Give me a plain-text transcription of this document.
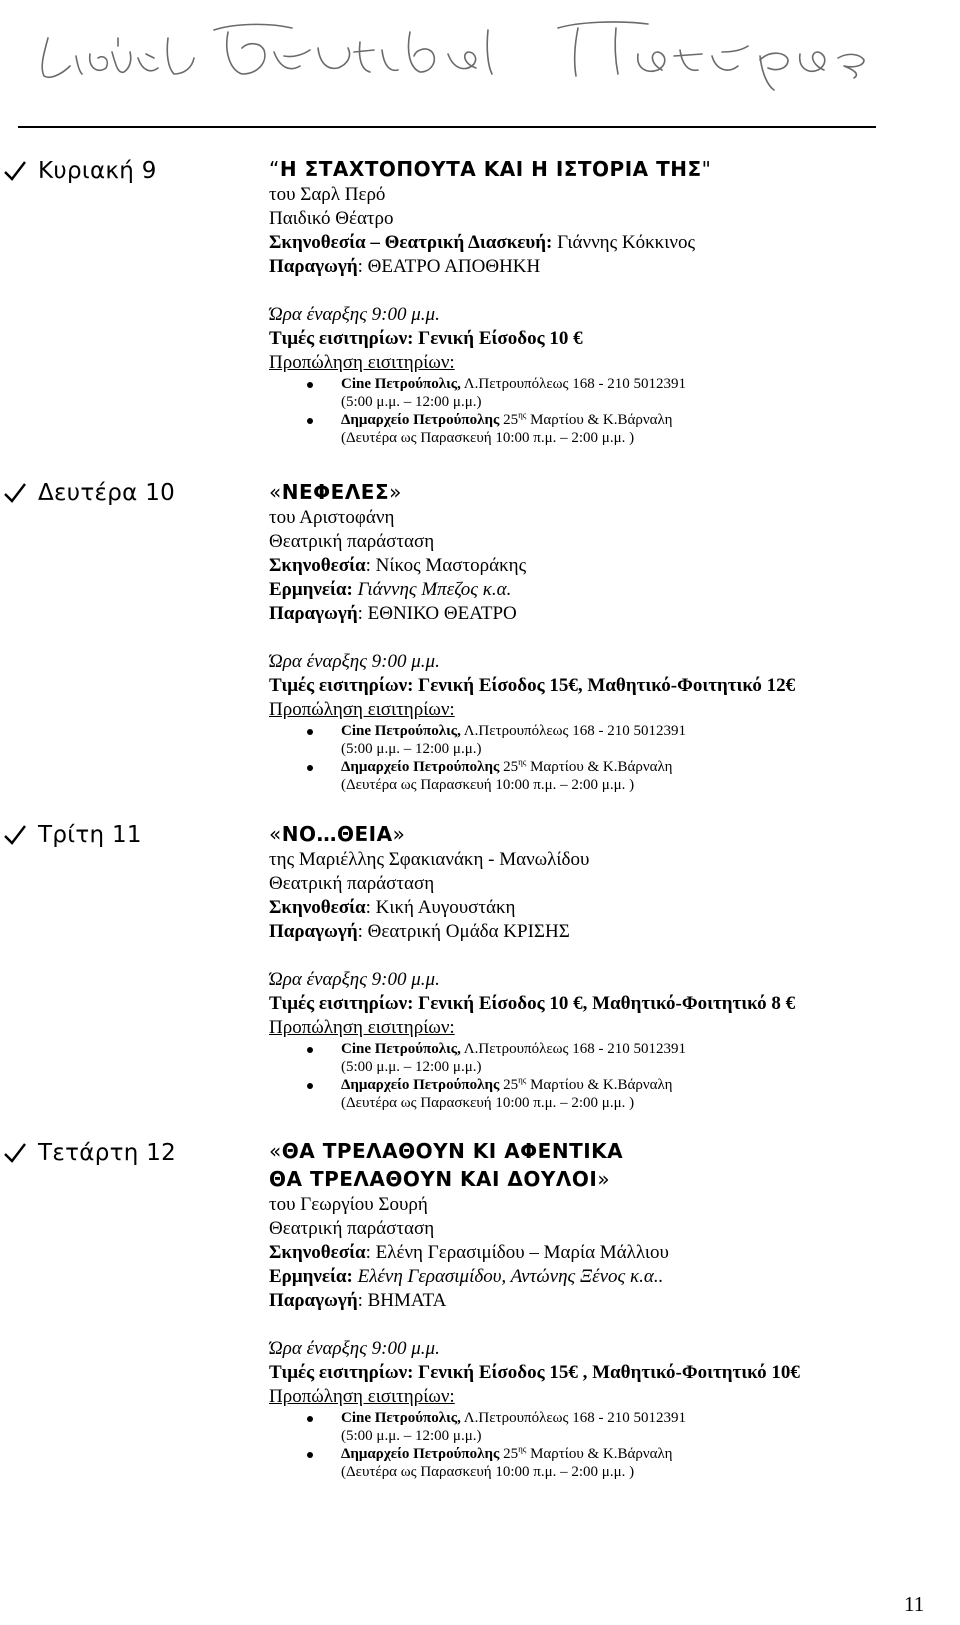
Κυριακή 9	“Η ΣΤΑΧΤΟΠΟΥΤΑ ΚΑΙ Η ΙΣΤΟΡΙΑ ΤΗΣ"
του Σαρλ Περό
Παιδικό Θέατρο
Σκηνοθεσία – Θεατρική Διασκευή: Γιάννης Κόκκινος
Παραγωγή: ΘΕΑΤΡΟ ΑΠΟΘΗΚΗ
Ώρα έναρξης 9:00 μ.μ.
Τιμές εισιτηρίων: Γενική Είσοδος 10 €
Προπώληση εισιτηρίων:
Cine Πετρούπολις, Λ.Πετρουπόλεως 168 - 210 5012391
(5:00 μ.μ. – 12:00 μ.μ.)
Δημαρχείο Πετρούπολης $25^{\eta\varsigma}$ Μαρτίου & Κ.Βάρναλη
(Δευτέρα ως Παρασκευή 10:00 π.μ. – 2:00 μ.μ. )
Δευτέρα 10	«ΝΕΦΕΛΕΣ»
του Αριστοφάνη
Θεατρική παράσταση
Σκηνοθεσία: Νίκος Μαστοράκης
Ερμηνεία: Γιάννης Μπεζος κ.α.
Παραγωγή: ΕΘΝΙΚΟ ΘΕΑΤΡΟ
Ώρα έναρξης 9:00 μ.μ.
Τιμές εισιτηρίων: Γενική Είσοδος 15€, Μαθητικό-Φοιτητικό 12€
Προπώληση εισιτηρίων:
Cine Πετρούπολις, Λ.Πετρουπόλεως 168 - 210 5012391
(5:00 μ.μ. – 12:00 μ.μ.)
Δημαρχείο Πετρούπολης $25^{\eta\varsigma}$ Μαρτίου & Κ.Βάρναλη
(Δευτέρα ως Παρασκευή 10:00 π.μ. – 2:00 μ.μ. )
Τρίτη 11	«ΝΟ…ΘΕΙΑ»
της Μαριέλλης Σφακιανάκη - Μανωλίδου
Θεατρική παράσταση
Σκηνοθεσία: Κική Αυγουστάκη
Παραγωγή: Θεατρική Ομάδα ΚΡΙΣΗΣ
Ώρα έναρξης 9:00 μ.μ.
Τιμές εισιτηρίων: Γενική Είσοδος 10 €, Μαθητικό-Φοιτητικό 8 €
Προπώληση εισιτηρίων:
Cine Πετρούπολις, Λ.Πετρουπόλεως 168 - 210 5012391
(5:00 μ.μ. – 12:00 μ.μ.)
Δημαρχείο Πετρούπολης $25^{\eta\varsigma}$ Μαρτίου & Κ.Βάρναλη
(Δευτέρα ως Παρασκευή 10:00 π.μ. – 2:00 μ.μ. )
Τετάρτη 12	«ΘΑ ΤΡΕΛΑΘΟΥΝ ΚΙ ΑΦΕΝΤΙΚΑ
ΘΑ ΤΡΕΛΑΘΟΥΝ ΚΑΙ ΔΟΥΛΟΙ»
του Γεωργίου Σουρή
Θεατρική παράσταση
Σκηνοθεσία: Ελένη Γερασιμίδου – Μαρία Μάλλιου
Ερμηνεία: Ελένη Γερασιμίδου, Αντώνης Ξένος κ.α..
Παραγωγή: ΒΗΜΑΤΑ
Ώρα έναρξης 9:00 μ.μ.
Τιμές εισιτηρίων: Γενική Είσοδος 15€ , Μαθητικό-Φοιτητικό 10€
Προπώληση εισιτηρίων:
Cine Πετρούπολις, Λ.Πετρουπόλεως 168 - 210 5012391
(5:00 μ.μ. – 12:00 μ.μ.)
Δημαρχείο Πετρούπολης $25^{\eta\varsigma}$ Μαρτίου & Κ.Βάρναλη
(Δευτέρα ως Παρασκευή 10:00 π.μ. – 2:00 μ.μ. )
11
